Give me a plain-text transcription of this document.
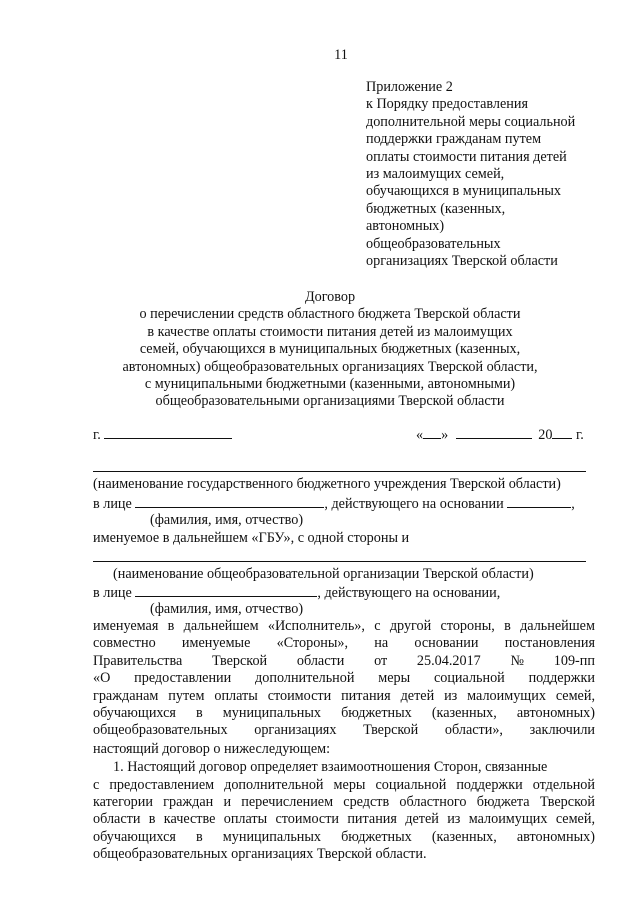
11
Приложение 2
к Порядку предоставления
дополнительной меры социальной
поддержки гражданам путем
оплаты стоимости питания детей
из малоимущих семей,
обучающихся в муниципальных
бюджетных (казенных,
автономных)
общеобразовательных
организациях Тверской области
Договор
о перечислении средств областного бюджета Тверской области
в качестве оплаты стоимости питания детей из малоимущих
семей, обучающихся в муниципальных бюджетных (казенных,
автономных) общеобразовательных организациях Тверской области,
с муниципальными бюджетными (казенными, автономными)
общеобразовательными организациями Тверской области
г.	« »	20 г.
(наименование государственного бюджетного учреждения Тверской области)
в лице	, действующего на основании	,
(фамилия, имя, отчество)
именуемое в дальнейшем «ГБУ», с одной стороны и
(наименование общеобразовательной организации Тверской области)
в лице	, действующего на основании,
(фамилия, имя, отчество)
именуемая в дальнейшем «Исполнитель», с другой стороны, в дальнейшем
совместно именуемые «Стороны», на основании постановления
Правительства Тверской области от 25.04.2017 № 109-пп
«О предоставлении дополнительной меры социальной поддержки
гражданам путем оплаты стоимости питания детей из малоимущих семей,
обучающихся в муниципальных бюджетных (казенных, автономных)
общеобразовательных организациях Тверской области», заключили
настоящий договор о нижеследующем:
1. Настоящий договор определяет взаимоотношения Сторон, связанные
с предоставлением дополнительной меры социальной поддержки отдельной
категории граждан и перечислением средств областного бюджета Тверской
области в качестве оплаты стоимости питания детей из малоимущих семей,
обучающихся в муниципальных бюджетных (казенных, автономных)
общеобразовательных организациях Тверской области.
